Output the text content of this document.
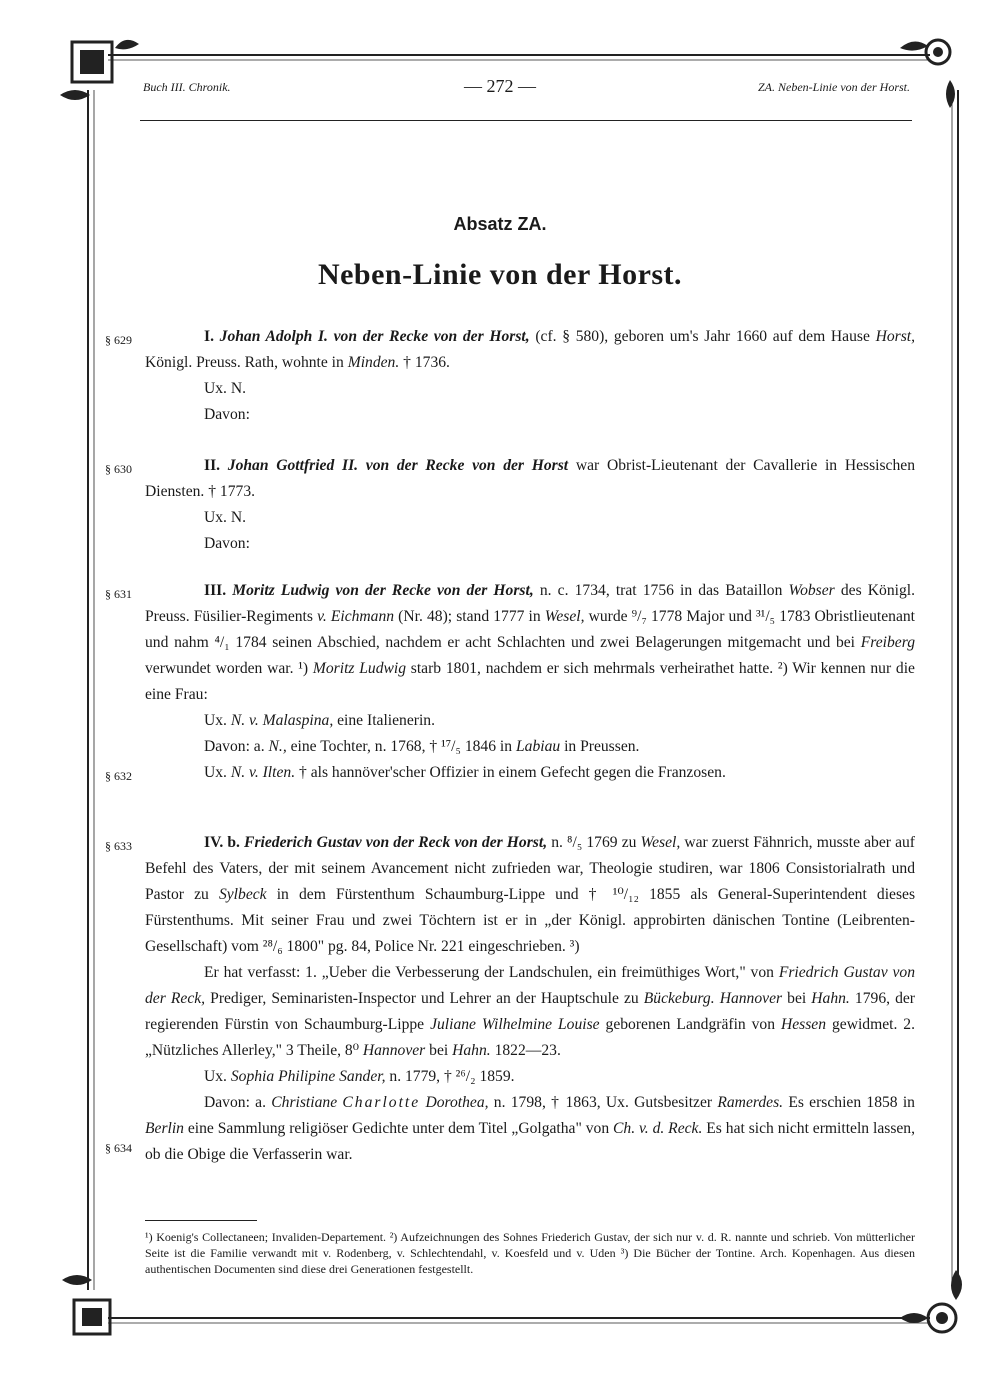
Buch III. Chronik.	— 272 —	ZA. Neben-Linie von der Horst.
Absatz ZA.
Neben-Linie von der Horst.
§ 629
§ 630
§ 631
§ 632
§ 633
§ 634

I. Johan Adolph I. von der Recke von der Horst, (cf. § 580), geboren um's Jahr 1660 auf dem Hause Horst, Königl. Preuss. Rath, wohnte in Minden. † 1736.

Ux. N.

Davon:

II. Johan Gottfried II. von der Recke von der Horst war Obrist-Lieutenant der Cavallerie in Hessischen Diensten. † 1773.

Ux. N.

Davon:

III. Moritz Ludwig von der Recke von der Horst, n. c. 1734, trat 1756 in das Bataillon Wobser des Königl. Preuss. Füsilier-Regiments v. Eichmann (Nr. 48); stand 1777 in Wesel, wurde ⁹/₇ 1778 Major und ³¹/₅ 1783 Obristlieutenant und nahm ⁴/₁ 1784 seinen Abschied, nachdem er acht Schlachten und zwei Belagerungen mitgemacht und bei Freiberg verwundet worden war. ¹) Moritz Ludwig starb 1801, nachdem er sich mehrmals verheirathet hatte. ²) Wir kennen nur die eine Frau:

Ux. N. v. Malaspina, eine Italienerin.

Davon: a. N., eine Tochter, n. 1768, † ¹⁷/₅ 1846 in Labiau in Preussen.

Ux. N. v. Ilten. † als hannöver'scher Offizier in einem Gefecht gegen die Franzosen.

IV. b. Friederich Gustav von der Reck von der Horst, n. ⁸/₅ 1769 zu Wesel, war zuerst Fähnrich, musste aber auf Befehl des Vaters, der mit seinem Avancement nicht zufrieden war, Theologie studiren, war 1806 Consistorialrath und Pastor zu Sylbeck in dem Fürstenthum Schaumburg-Lippe und † ¹⁰/₁₂ 1855 als General-Superintendent dieses Fürstenthums. Mit seiner Frau und zwei Töchtern ist er in „der Königl. approbirten dänischen Tontine (Leibrenten-Gesellschaft) vom ²⁸/₆ 1800" pg. 84, Police Nr. 221 eingeschrieben. ³)

Er hat verfasst: 1. „Ueber die Verbesserung der Landschulen, ein freimüthiges Wort," von Friedrich Gustav von der Reck, Prediger, Seminaristen-Inspector und Lehrer an der Hauptschule zu Bückeburg. Hannover bei Hahn. 1796, der regierenden Fürstin von Schaumburg-Lippe Juliane Wilhelmine Louise geborenen Landgräfin von Hessen gewidmet. 2. „Nützliches Allerley," 3 Theile, 8⁰ Hannover bei Hahn. 1822—23.

Ux. Sophia Philipine Sander, n. 1779, † ²⁶/₂ 1859.

Davon: a. Christiane Charlotte Dorothea, n. 1798, † 1863, Ux. Gutsbesitzer Ramerdes. Es erschien 1858 in Berlin eine Sammlung religiöser Gedichte unter dem Titel „Golgatha" von Ch. v. d. Reck. Es hat sich nicht ermitteln lassen, ob die Obige die Verfasserin war.

¹) Koenig's Collectaneen; Invaliden-Departement. ²) Aufzeichnungen des Sohnes Friederich Gustav, der sich nur v. d. R. nannte und schrieb. Von mütterlicher Seite ist die Familie verwandt mit v. Rodenberg, v. Schlechtendahl, v. Koesfeld und v. Uden ³) Die Bücher der Tontine. Arch. Kopenhagen. Aus diesen authentischen Documenten sind diese drei Generationen festgestellt.
